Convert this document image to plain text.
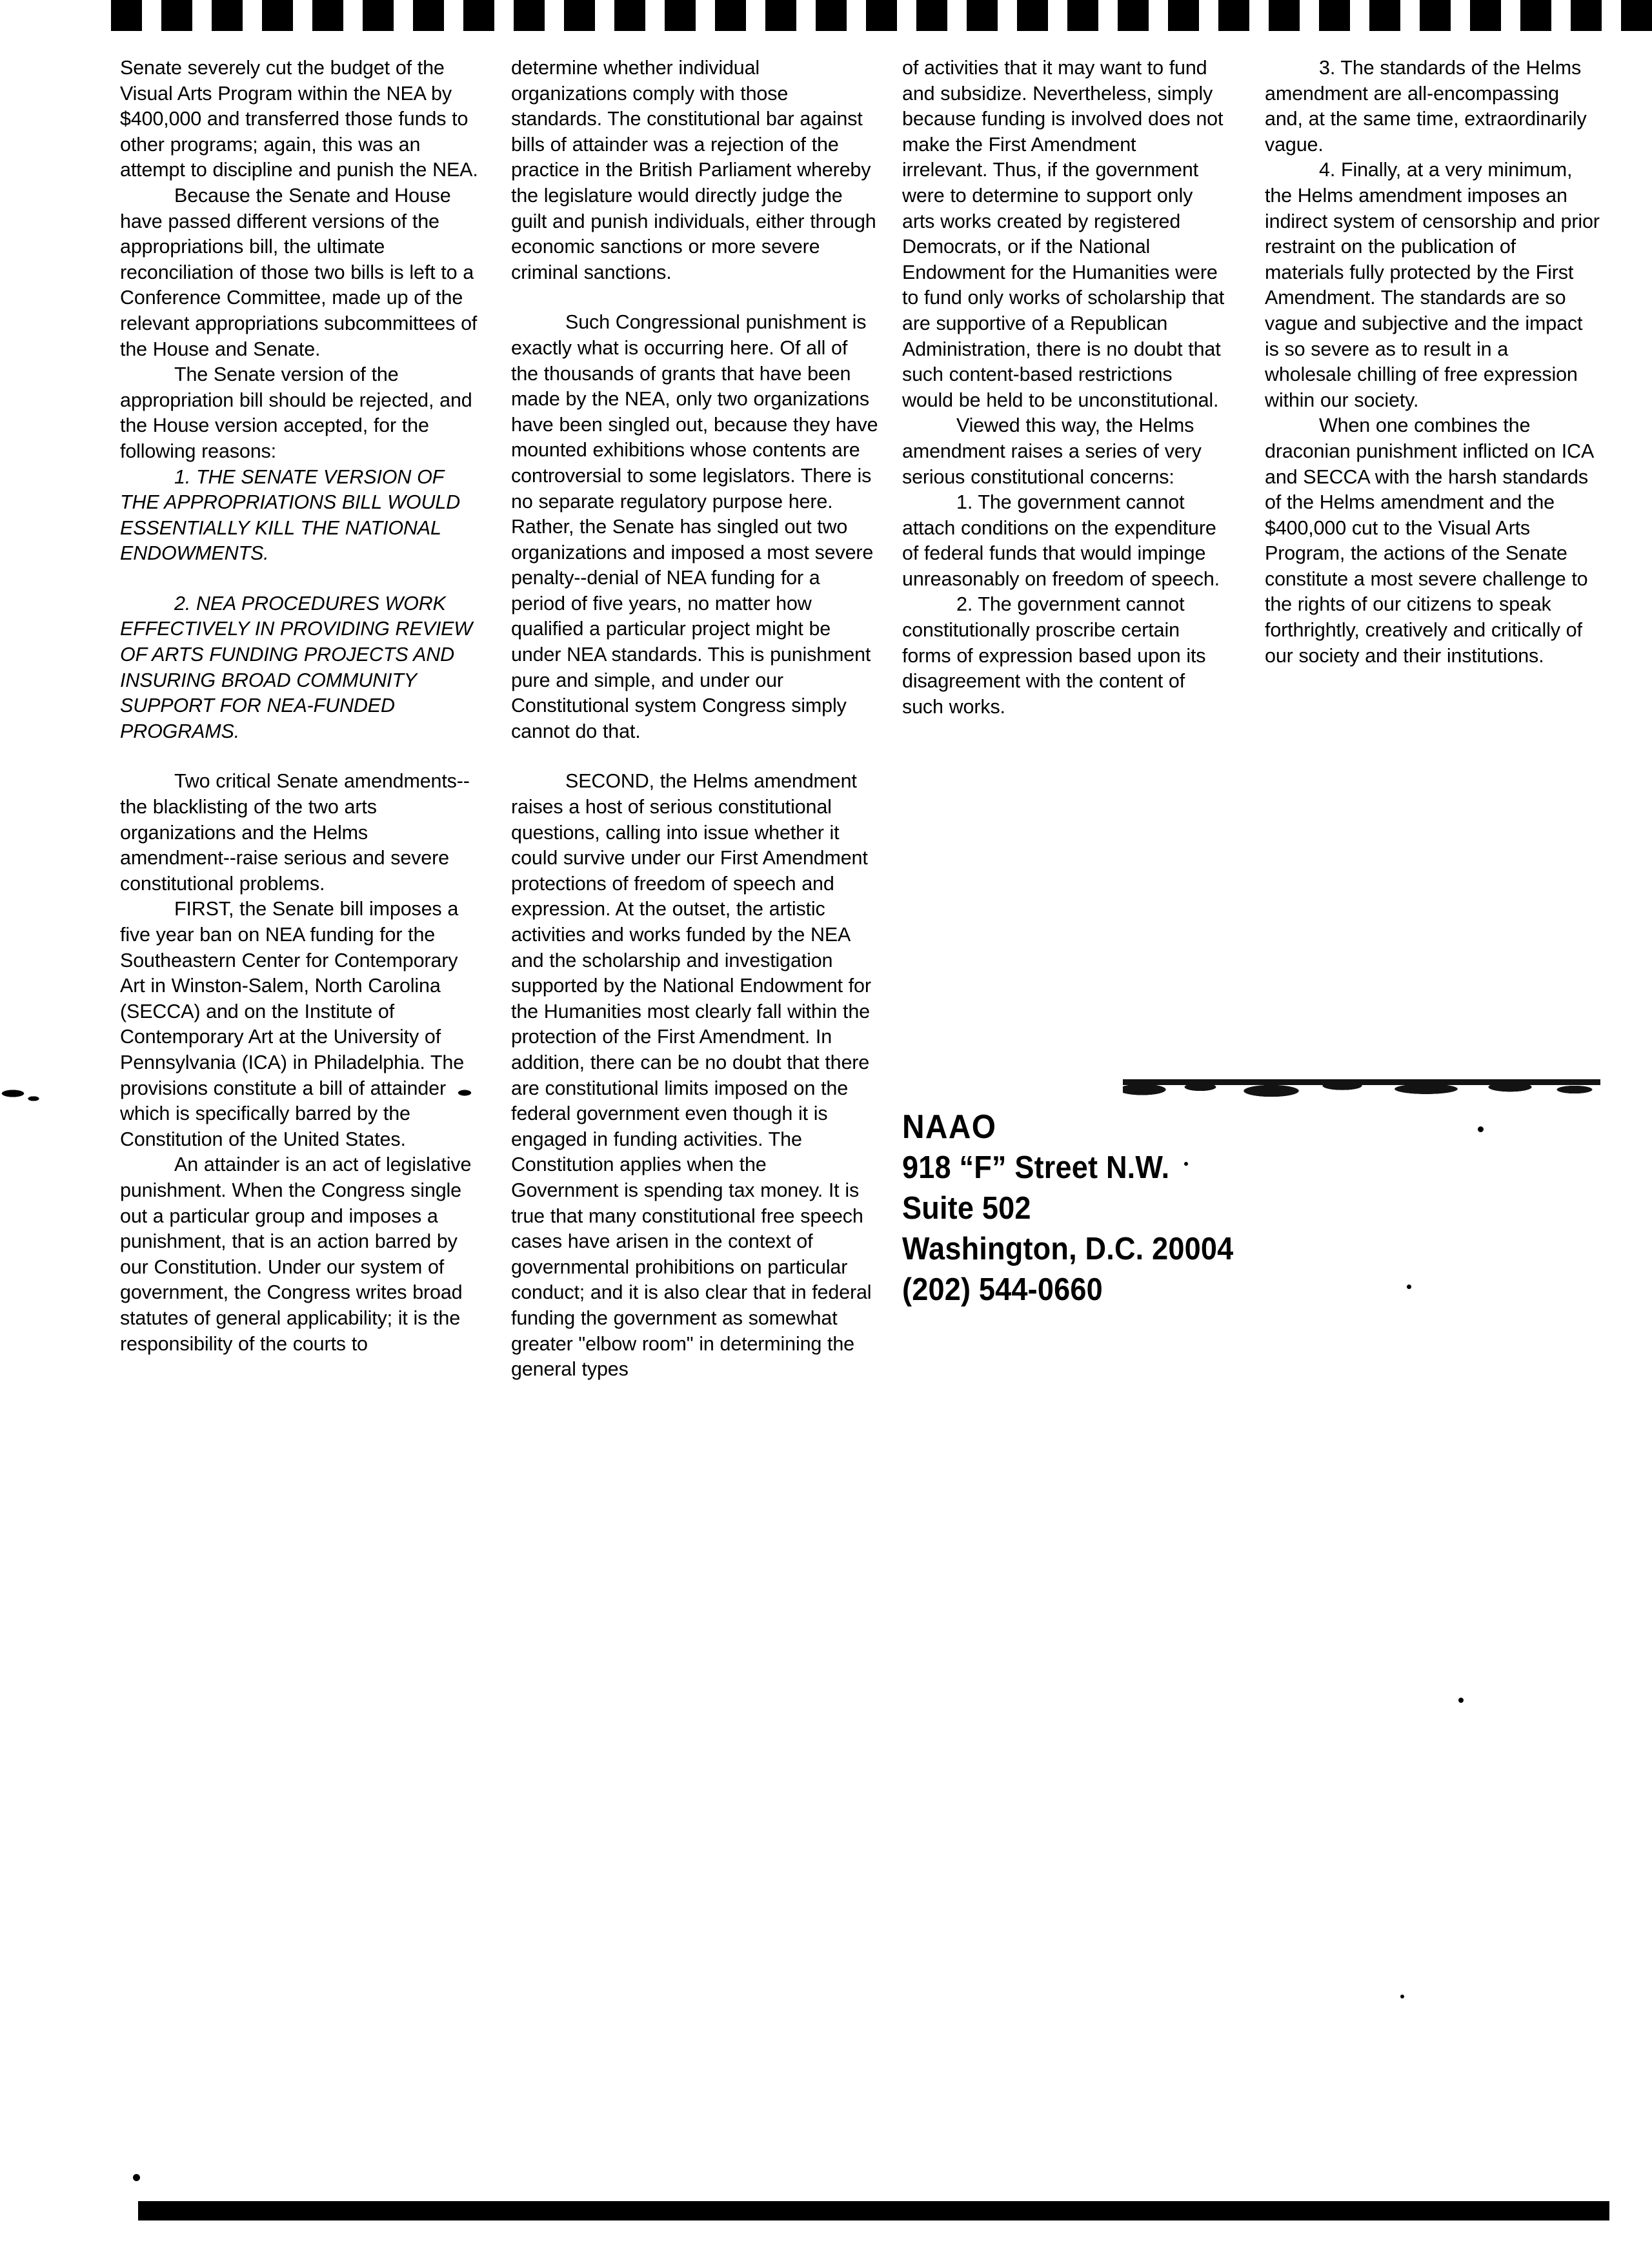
Senate severely cut the budget of the Visual Arts Program within the NEA by $400,000 and transferred those funds to other programs; again, this was an attempt to discipline and punish the NEA.

Because the Senate and House have passed different versions of the appropriations bill, the ultimate reconciliation of those two bills is left to a Conference Committee, made up of the relevant appropriations subcommittees of the House and Senate.

The Senate version of the appropriation bill should be rejected, and the House version accepted, for the following reasons:

1. THE SENATE VERSION OF THE APPROPRIATIONS BILL WOULD ESSENTIALLY KILL THE NATIONAL ENDOWMENTS.

2. NEA PROCEDURES WORK EFFECTIVELY IN PROVIDING REVIEW OF ARTS FUNDING PROJECTS AND INSURING BROAD COMMUNITY SUPPORT FOR NEA-FUNDED PROGRAMS.

Two critical Senate amendments--the blacklisting of the two arts organizations and the Helms amendment--raise serious and severe constitutional problems.

FIRST, the Senate bill imposes a five year ban on NEA funding for the Southeastern Center for Contemporary Art in Winston-Salem, North Carolina (SECCA) and on the Institute of Contemporary Art at the University of Pennsylvania (ICA) in Philadelphia. The provisions constitute a bill of attainder which is specifically barred by the Constitution of the United States.

An attainder is an act of legislative punishment. When the Congress single out a particular group and imposes a punishment, that is an action barred by our Constitution. Under our system of government, the Congress writes broad statutes of general applicability; it is the responsibility of the courts to

determine whether individual organizations comply with those standards. The constitutional bar against bills of attainder was a rejection of the practice in the British Parliament whereby the legislature would directly judge the guilt and punish individuals, either through economic sanctions or more severe criminal sanctions.

Such Congressional punishment is exactly what is occurring here. Of all of the thousands of grants that have been made by the NEA, only two organizations have been singled out, because they have mounted exhibitions whose contents are controversial to some legislators. There is no separate regulatory purpose here. Rather, the Senate has singled out two organizations and imposed a most severe penalty--denial of NEA funding for a period of five years, no matter how qualified a particular project might be under NEA standards. This is punishment pure and simple, and under our Constitutional system Congress simply cannot do that.

SECOND, the Helms amendment raises a host of serious constitutional questions, calling into issue whether it could survive under our First Amendment protections of freedom of speech and expression. At the outset, the artistic activities and works funded by the NEA and the scholarship and investigation supported by the National Endowment for the Humanities most clearly fall within the protection of the First Amendment. In addition, there can be no doubt that there are constitutional limits imposed on the federal government even though it is engaged in funding activities. The Constitution applies when the Government is spending tax money. It is true that many constitutional free speech cases have arisen in the context of governmental prohibitions on particular conduct; and it is also clear that in federal funding the government as somewhat greater "elbow room" in determining the general types

of activities that it may want to fund and subsidize. Nevertheless, simply because funding is involved does not make the First Amendment irrelevant. Thus, if the government were to determine to support only arts works created by registered Democrats, or if the National Endowment for the Humanities were to fund only works of scholarship that are supportive of a Republican Administration, there is no doubt that such content-based restrictions would be held to be unconstitutional.

Viewed this way, the Helms amendment raises a series of very serious constitutional concerns:

1. The government cannot attach conditions on the expenditure of federal funds that would impinge unreasonably on freedom of speech.

2. The government cannot constitutionally proscribe certain forms of expression based upon its disagreement with the content of such works.

3. The standards of the Helms amendment are all-encompassing and, at the same time, extraordinarily vague.

4. Finally, at a very minimum, the Helms amendment imposes an indirect system of censorship and prior restraint on the publication of materials fully protected by the First Amendment. The standards are so vague and subjective and the impact is so severe as to result in a wholesale chilling of free expression within our society.

When one combines the draconian punishment inflicted on ICA and SECCA with the harsh standards of the Helms amendment and the $400,000 cut to the Visual Arts Program, the actions of the Senate constitute a most severe challenge to the rights of our citizens to speak forthrightly, creatively and critically of our society and their institutions.

NAAO
918 “F” Street N.W.
Suite 502
Washington, D.C. 20004
(202) 544-0660
